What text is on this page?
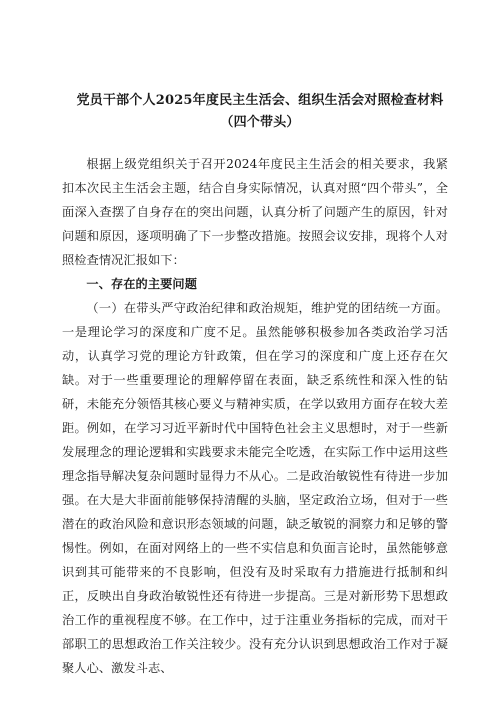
党员干部个人2025年度民主生活会、组织生活会对照检查材料（四个带头）

根据上级党组织关于召开2024年度民主生活会的相关要求，我紧扣本次民主生活会主题，结合自身实际情况，认真对照“四个带头”，全面深入查摆了自身存在的突出问题，认真分析了问题产生的原因，针对问题和原因，逐项明确了下一步整改措施。按照会议安排，现将个人对照检查情况汇报如下：

一、存在的主要问题

（一）在带头严守政治纪律和政治规矩，维护党的团结统一方面。一是理论学习的深度和广度不足。虽然能够积极参加各类政治学习活动，认真学习党的理论方针政策，但在学习的深度和广度上还存在欠缺。对于一些重要理论的理解停留在表面，缺乏系统性和深入性的钻研，未能充分领悟其核心要义与精神实质，在学以致用方面存在较大差距。例如，在学习习近平新时代中国特色社会主义思想时，对于一些新发展理念的理论逻辑和实践要求未能完全吃透，在实际工作中运用这些理念指导解决复杂问题时显得力不从心。二是政治敏锐性有待进一步加强。在大是大非面前能够保持清醒的头脑，坚定政治立场，但对于一些潜在的政治风险和意识形态领域的问题，缺乏敏锐的洞察力和足够的警惕性。例如，在面对网络上的一些不实信息和负面言论时，虽然能够意识到其可能带来的不良影响，但没有及时采取有力措施进行抵制和纠正，反映出自身政治敏锐性还有待进一步提高。三是对新形势下思想政治工作的重视程度不够。在工作中，过于注重业务指标的完成，而对干部职工的思想政治工作关注较少。没有充分认识到思想政治工作对于凝聚人心、激发斗志、
